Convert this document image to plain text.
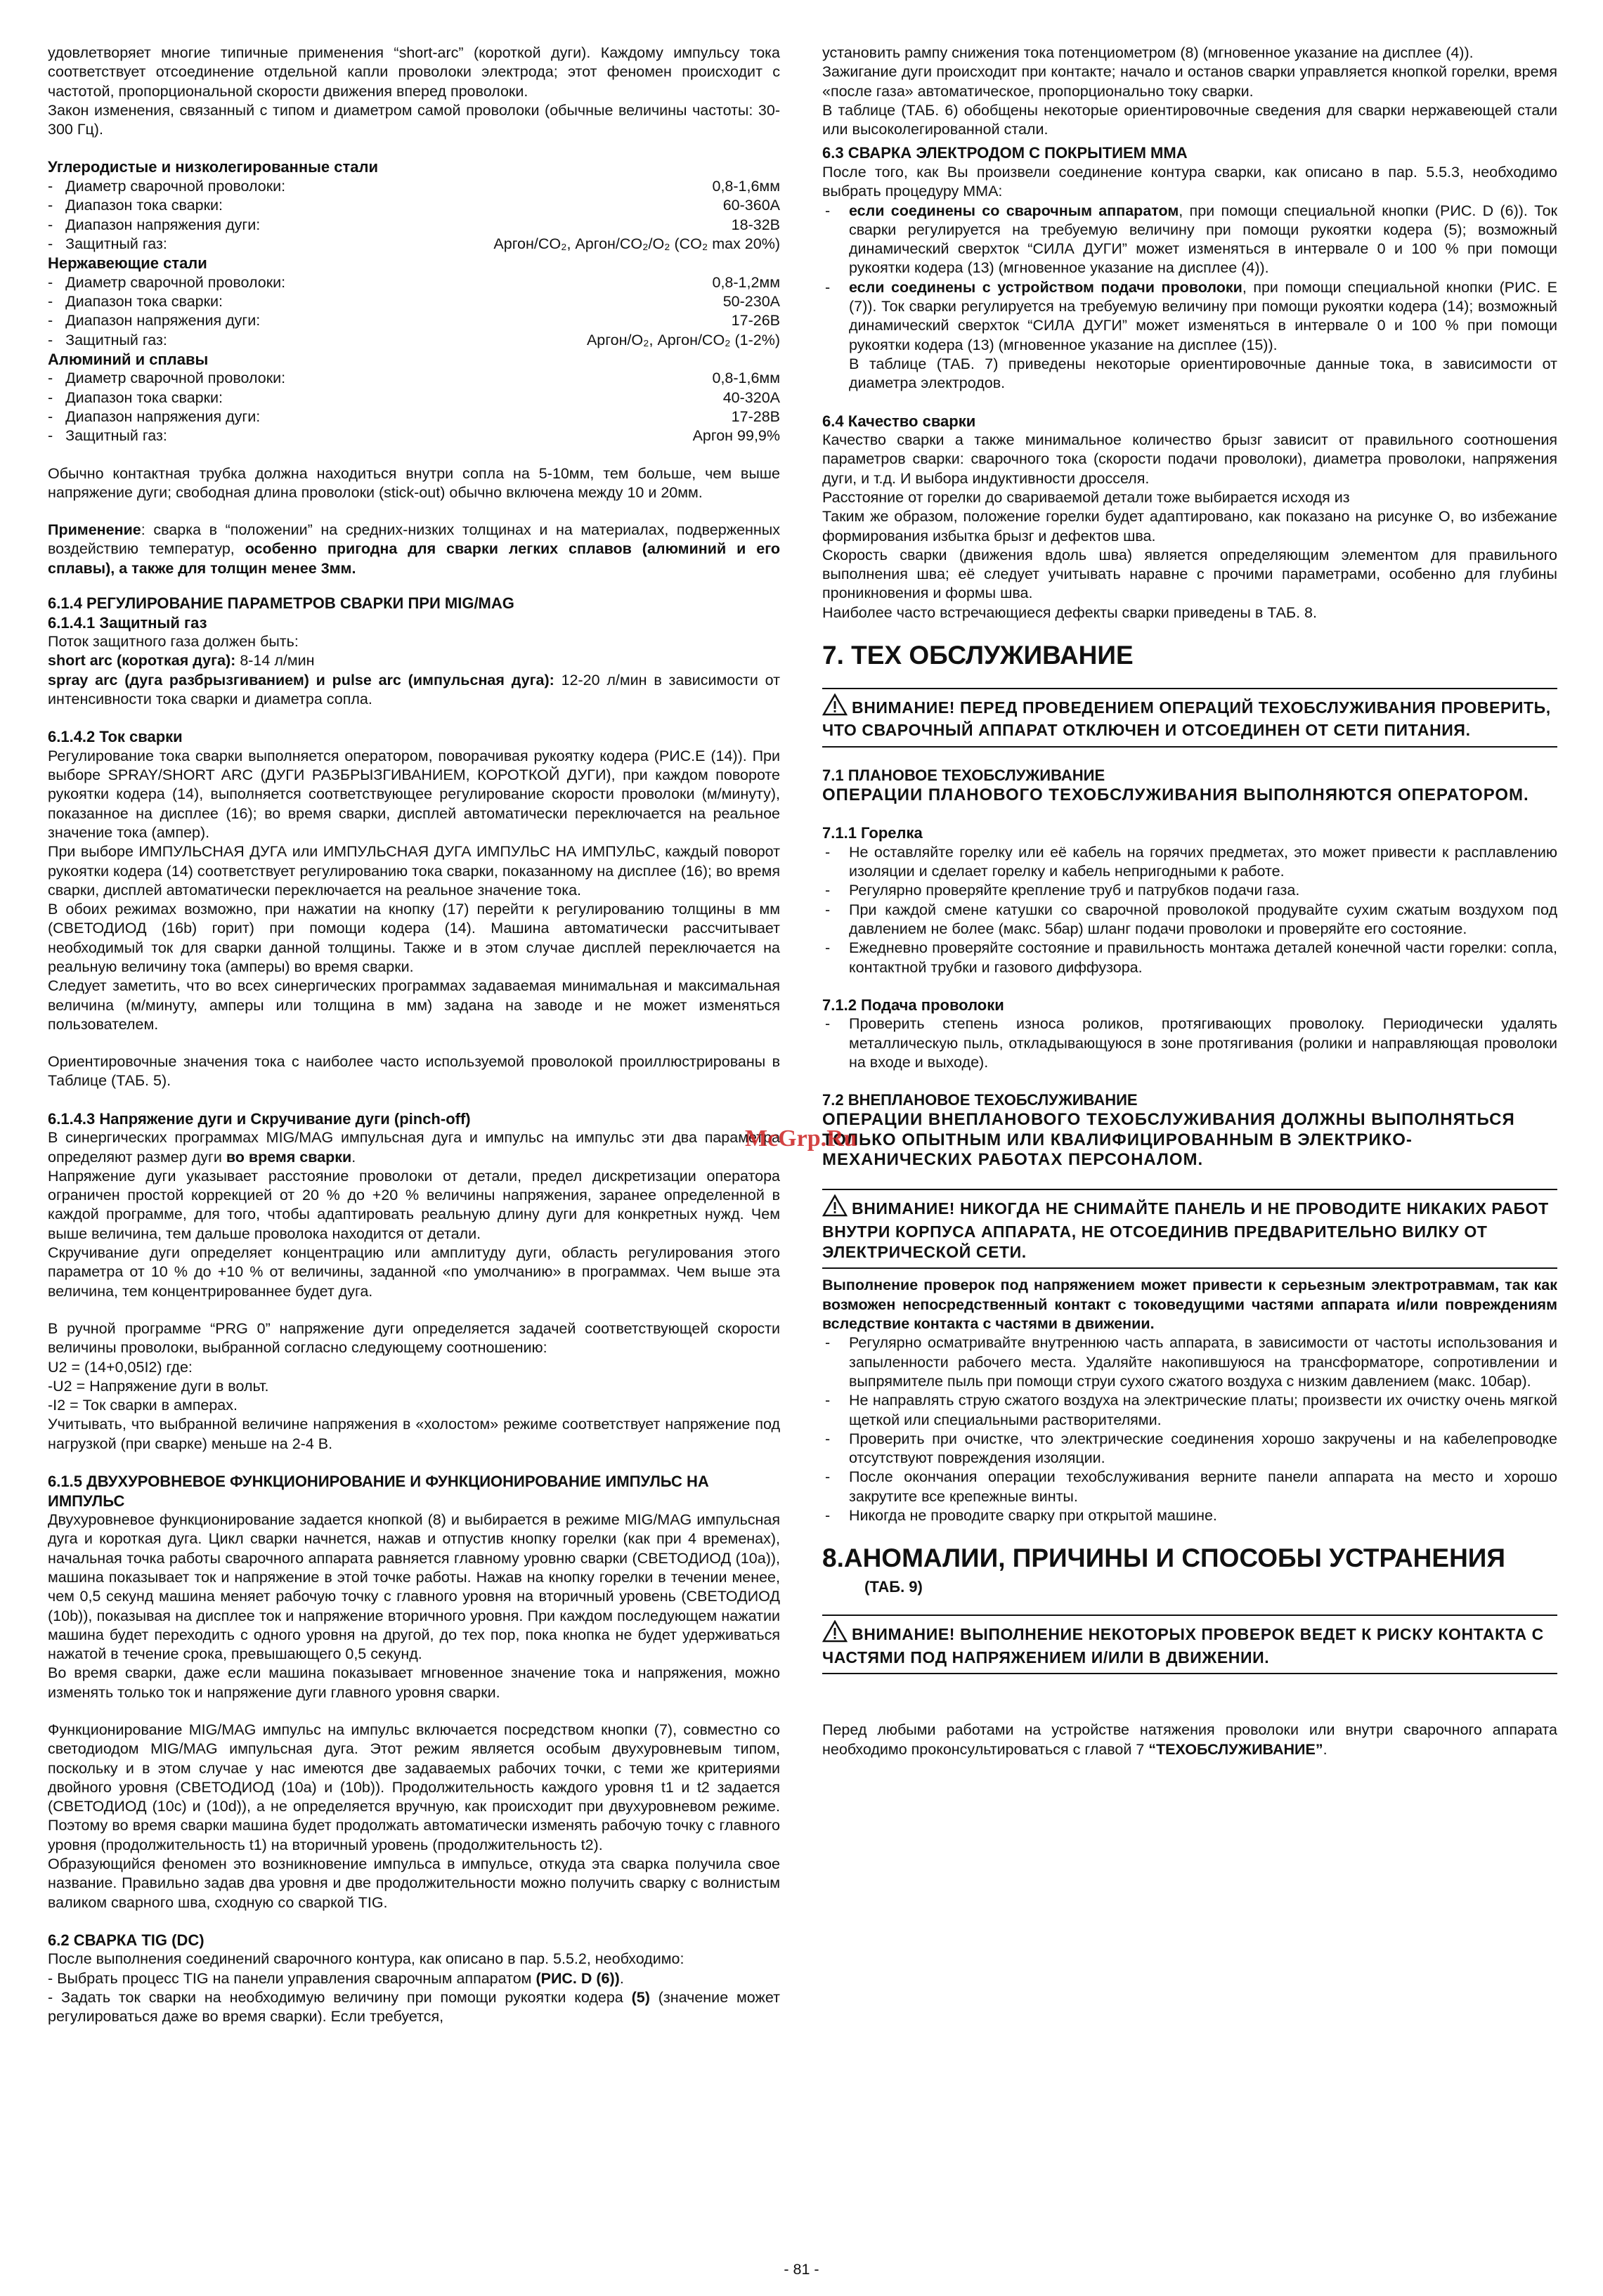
удовлетворяет многие типичные применения “short-arc” (короткой дуги). Каждому импульсу тока соответствует отсоединение отдельной капли проволоки электрода; этот феномен происходит с частотой, пропорциональной скорости движения вперед проволоки.
Закон изменения, связанный с типом и диаметром самой проволоки (обычные величины частоты: 30-300 Гц).

Углеродистые и низколегированные стали
- Диаметр сварочной проволоки:	0,8-1,6мм
- Диапазон тока сварки:	60-360А
- Диапазон напряжения дуги:	18-32В
- Защитный газ:	Аргон/CO₂, Аргон/CO₂/O₂ (CO₂ max 20%)
Нержавеющие стали
- Диаметр сварочной проволоки:	0,8-1,2мм
- Диапазон тока сварки:	50-230А
- Диапазон напряжения дуги:	17-26В
- Защитный газ:	Аргон/O₂, Аргон/CO₂ (1-2%)
Алюминий и сплавы
- Диаметр сварочной проволоки:	0,8-1,6мм
- Диапазон тока сварки:	40-320А
- Диапазон напряжения дуги:	17-28В
- Защитный газ:	Аргон 99,9%

Обычно контактная трубка должна находиться внутри сопла на 5-10мм, тем больше, чем выше напряжение дуги; свободная длина проволоки (stick-out) обычно включена между 10 и 20мм.

Применение: сварка в “положении” на средних-низких толщинах и на материалах, подверженных воздействию температур, особенно пригодна для сварки легких сплавов (алюминий и его сплавы), а также для толщин менее 3мм.

6.1.4 РЕГУЛИРОВАНИЕ ПАРАМЕТРОВ СВАРКИ ПРИ MIG/MAG
6.1.4.1 Защитный газ

Поток защитного газа должен быть:
short arc (короткая дуга): 8-14 л/мин
spray arc (дуга разбрызгиванием) и pulse arc (импульсная дуга): 12-20 л/мин в зависимости от интенсивности тока сварки и диаметра сопла.

6.1.4.2 Ток сварки

Регулирование тока сварки выполняется оператором, поворачивая рукоятку кодера (РИС.E (14)). При выборе SPRAY/SHORT ARC (ДУГИ РАЗБРЫЗГИВАНИЕМ, КОРОТКОЙ ДУГИ), при каждом повороте рукоятки кодера (14), выполняется соответствующее регулирование скорости проволоки (м/минуту), показанное на дисплее (16); во время сварки, дисплей автоматически переключается на реальное значение тока (ампер).
При выборе ИМПУЛЬСНАЯ ДУГА или ИМПУЛЬСНАЯ ДУГА ИМПУЛЬС НА ИМПУЛЬС, каждый поворот рукоятки кодера (14) соответствует регулированию тока сварки, показанному на дисплее (16); во время сварки, дисплей автоматически переключается на реальное значение тока.
В обоих режимах возможно, при нажатии на кнопку (17) перейти к регулированию толщины в мм (СВЕТОДИОД (16b) горит) при помощи кодера (14). Машина автоматически рассчитывает необходимый ток для сварки данной толщины. Также и в этом случае дисплей переключается на реальную величину тока (амперы) во время сварки.
Следует заметить, что во всех синергических программах задаваемая минимальная и максимальная величина (м/минуту, амперы или толщина в мм) задана на заводе и не может изменяться пользователем.

Ориентировочные значения тока с наиболее часто используемой проволокой проиллюстрированы в Таблице (ТАБ. 5).

6.1.4.3 Напряжение дуги и Скручивание дуги (pinch-off)

В синергических программах MIG/MAG импульсная дуга и импульс на импульс эти два параметра определяют размер дуги во время сварки.
Напряжение дуги указывает расстояние проволоки от детали, предел дискретизации оператора ограничен простой коррекцией от 20 % до +20 % величины напряжения, заранее определенной в каждой программе, для того, чтобы адаптировать реальную длину дуги для конкретных нужд. Чем выше величина, тем дальше проволока находится от детали.
Скручивание дуги определяет концентрацию или амплитуду дуги, область регулирования этого параметра от 10 % до +10 % от величины, заданной «по умолчанию» в программах. Чем выше эта величина, тем концентрированнее будет дуга.

В ручной программе “PRG 0” напряжение дуги определяется задачей соответствующей скорости величины проволоки, выбранной согласно следующему соотношению:
U2 = (14+0,05I2) где:
-U2 = Напряжение дуги в вольт.
-I2 = Ток сварки в амперах.
Учитывать, что выбранной величине напряжения в «холостом» режиме соответствует напряжение под нагрузкой (при сварке) меньше на 2-4 В.

6.1.5 ДВУХУРОВНЕВОЕ ФУНКЦИОНИРОВАНИЕ И ФУНКЦИОНИРОВАНИЕ ИМПУЛЬС НА ИМПУЛЬС

Двухуровневое функционирование задается кнопкой (8) и выбирается в режиме MIG/MAG импульсная дуга и короткая дуга. Цикл сварки начнется, нажав и отпустив кнопку горелки (как при 4 временах), начальная точка работы сварочного аппарата равняется главному уровню сварки (СВЕТОДИОД (10a)), машина показывает ток и напряжение в этой точке работы. Нажав на кнопку горелки в течении менее, чем 0,5 секунд машина меняет рабочую точку с главного уровня на вторичный уровень (СВЕТОДИОД (10b)), показывая на дисплее ток и напряжение вторичного уровня. При каждом последующем нажатии машина будет переходить с одного уровня на другой, до тех пор, пока кнопка не будет удерживаться нажатой в течение срока, превышающего 0,5 секунд.
Во время сварки, даже если машина показывает мгновенное значение тока и напряжения, можно изменять только ток и напряжение дуги главного уровня сварки.

Функционирование MIG/MAG импульс на импульс включается посредством кнопки (7), совместно со светодиодом MIG/MAG импульсная дуга. Этот режим является особым двухуровневым типом, поскольку и в этом случае у нас имеются две задаваемых рабочих точки, с теми же критериями двойного уровня (СВЕТОДИОД (10a) и (10b)). Продолжительность каждого уровня t1 и t2 задается (СВЕТОДИОД (10c) и (10d)), а не определяется вручную, как происходит при двухуровневом режиме. Поэтому во время сварки машина будет продолжать автоматически изменять рабочую точку с главного уровня (продолжительность t1) на вторичный уровень (продолжительность t2).
Образующийся феномен это возникновение импульса в импульсе, откуда эта сварка получила свое название. Правильно задав два уровня и две продолжительности можно получить сварку с волнистым валиком сварного шва, сходную со сваркой TIG.

6.2 СВАРКА TIG (DC)

После выполнения соединений сварочного контура, как описано в пар. 5.5.2, необходимо:

- Выбрать процесс TIG на панели управления сварочным аппаратом (РИС. D (6)).

- Задать ток сварки на необходимую величину при помощи рукоятки кодера (5) (значение может регулироваться даже во время сварки). Если требуется,

установить рампу снижения тока потенциометром (8) (мгновенное указание на дисплее (4)).
Зажигание дуги происходит при контакте; начало и останов сварки управляется кнопкой горелки, время «после газа» автоматическое, пропорционально току сварки.
В таблице (ТАБ. 6) обобщены некоторые ориентировочные сведения для сварки нержавеющей стали или высоколегированной стали.

6.3 СВАРКА ЭЛЕКТРОДОМ С ПОКРЫТИЕМ MMA

После того, как Вы произвели соединение контура сварки, как описано в пар. 5.5.3, необходимо выбрать процедуру MMA:

- если соединены со сварочным аппаратом, при помощи специальной кнопки (РИС. D (6)). Ток сварки регулируется на требуемую величину при помощи рукоятки кодера (5); возможный динамический сверхток “СИЛА ДУГИ” может изменяться в интервале 0 и 100 % при помощи рукоятки кодера (13) (мгновенное указание на дисплее (4)).
- если соединены с устройством подачи проволоки, при помощи специальной кнопки (РИС. E (7)). Ток сварки регулируется на требуемую величину при помощи рукоятки кодера (14); возможный динамический сверхток “СИЛА ДУГИ” может изменяться в интервале 0 и 100 % при помощи рукоятки кодера (13) (мгновенное указание на дисплее (15)).
В таблице (ТАБ. 7) приведены некоторые ориентировочные данные тока, в зависимости от диаметра электродов.
6.4 Качество сварки

Качество сварки а также минимальное количество брызг зависит от правильного соотношения параметров сварки: сварочного тока (скорости подачи проволоки), диаметра проволоки, напряжения дуги, и т.д. И выбора индуктивности дросселя.
Расстояние от горелки до свариваемой детали тоже выбирается исходя из
Таким же образом, положение горелки будет адаптировано, как показано на рисунке О, во избежание формирования избытка брызг и дефектов шва.
Скорость сварки (движения вдоль шва) является определяющим элементом для правильного выполнения шва; её следует учитывать наравне с прочими параметрами, особенно для глубины проникновения и формы шва.
Наиболее часто встречающиеся дефекты сварки приведены в ТАБ. 8.

7. ТЕХ ОБСЛУЖИВАНИЕ
ВНИМАНИЕ! ПЕРЕД ПРОВЕДЕНИЕМ ОПЕРАЦИЙ ТЕХОБСЛУЖИВАНИЯ ПРОВЕРИТЬ, ЧТО СВАРОЧНЫЙ АППАРАТ ОТКЛЮЧЕН И ОТСОЕДИНЕН ОТ СЕТИ ПИТАНИЯ.
7.1 ПЛАНОВОЕ ТЕХОБСЛУЖИВАНИЕ
ОПЕРАЦИИ ПЛАНОВОГО ТЕХОБСЛУЖИВАНИЯ ВЫПОЛНЯЮТСЯ ОПЕРАТОРОМ.
7.1.1 Горелка
- Не оставляйте горелку или её кабель на горячих предметах, это может привести к расплавлению изоляции и сделает горелку и кабель непригодными к работе.
- Регулярно проверяйте крепление труб и патрубков подачи газа.
- При каждой смене катушки со сварочной проволокой продувайте сухим сжатым воздухом под давлением не более (макс. 5бар) шланг подачи проволоки и проверяйте его состояние.
- Ежедневно проверяйте состояние и правильность монтажа деталей конечной части горелки: сопла, контактной трубки и газового диффузора.
7.1.2 Подача проволоки
- Проверить степень износа роликов, протягивающих проволоку. Периодически удалять металлическую пыль, откладывающуюся в зоне протягивания (ролики и направляющая проволоки на входе и выходе).
7.2 ВНЕПЛАНОВОЕ ТЕХОБСЛУЖИВАНИЕ
ОПЕРАЦИИ ВНЕПЛАНОВОГО ТЕХОБСЛУЖИВАНИЯ ДОЛЖНЫ ВЫПОЛНЯТЬСЯ ТОЛЬКО ОПЫТНЫМ ИЛИ КВАЛИФИЦИРОВАННЫМ В ЭЛЕКТРИКО-МЕХАНИЧЕСКИХ РАБОТАХ ПЕРСОНАЛОМ.
ВНИМАНИЕ! НИКОГДА НЕ СНИМАЙТЕ ПАНЕЛЬ И НЕ ПРОВОДИТЕ НИКАКИХ РАБОТ ВНУТРИ КОРПУСА АППАРАТА, НЕ ОТСОЕДИНИВ ПРЕДВАРИТЕЛЬНО ВИЛКУ ОТ ЭЛЕКТРИЧЕСКОЙ СЕТИ.

Выполнение проверок под напряжением может привести к серьезным электротравмам, так как возможен непосредственный контакт с токоведущими частями аппарата и/или повреждениям вследствие контакта с частями в движении.

- Регулярно осматривайте внутреннюю часть аппарата, в зависимости от частоты использования и запыленности рабочего места. Удаляйте накопившуюся на трансформаторе, сопротивлении и выпрямителе пыль при помощи струи сухого сжатого воздуха с низким давлением (макс. 10бар).
- Не направлять струю сжатого воздуха на электрические платы; произвести их очистку очень мягкой щеткой или специальными растворителями.
- Проверить при очистке, что электрические соединения хорошо закручены и на кабелепроводке отсутствуют повреждения изоляции.
- После окончания операции техобслуживания верните панели аппарата на место и хорошо закрутите все крепежные винты.
- Никогда не проводите сварку при открытой машине.
8.АНОМАЛИИ, ПРИЧИНЫ И СПОСОБЫ УСТРАНЕНИЯ
(ТАБ. 9)
ВНИМАНИЕ! ВЫПОЛНЕНИЕ НЕКОТОРЫХ ПРОВЕРОК ВЕДЕТ К РИСКУ КОНТАКТА С ЧАСТЯМИ ПОД НАПРЯЖЕНИЕМ И/ИЛИ В ДВИЖЕНИИ.

Перед любыми работами на устройстве натяжения проволоки или внутри сварочного аппарата необходимо проконсультироваться с главой 7 “ТЕХОБСЛУЖИВАНИЕ”.

McGrp.Ru
- 81 -
